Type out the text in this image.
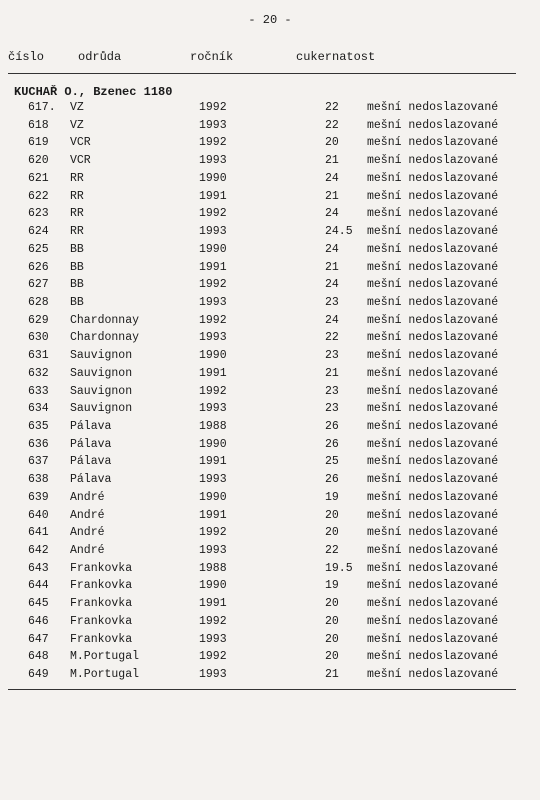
- 20 -
číslo	odrůda	ročník	cukernatost
KUCHAŘ O., Bzenec 1180
617. VZ	1992	22 mešní nedoslazované
618 VZ	1993	22 mešní nedoslazované
619 VCR	1992	20 mešní nedoslazované
620 VCR	1993	21 mešní nedoslazované
621 RR	1990	24 mešní nedoslazované
622 RR	1991	21 mešní nedoslazované
623 RR	1992	24 mešní nedoslazované
624 RR	1993	24.5 mešní nedoslazované
625 BB	1990	24 mešní nedoslazované
626 BB	1991	21 mešní nedoslazované
627 BB	1992	24 mešní nedoslazované
628 BB	1993	23 mešní nedoslazované
629 Chardonnay	1992	24 mešní nedoslazované
630 Chardonnay	1993	22 mešní nedoslazované
631 Sauvignon	1990	23 mešní nedoslazované
632 Sauvignon	1991	21 mešní nedoslazované
633 Sauvignon	1992	23 mešní nedoslazované
634 Sauvignon	1993	23 mešní nedoslazované
635 Pálava	1988	26 mešní nedoslazované
636 Pálava	1990	26 mešní nedoslazované
637 Pálava	1991	25 mešní nedoslazované
638 Pálava	1993	26 mešní nedoslazované
639 André	1990	19 mešní nedoslazované
640 André	1991	20 mešní nedoslazované
641 André	1992	20 mešní nedoslazované
642 André	1993	22 mešní nedoslazované
643 Frankovka	1988	19.5 mešní nedoslazované
644 Frankovka	1990	19 mešní nedoslazované
645 Frankovka	1991	20 mešní nedoslazované
646 Frankovka	1992	20 mešní nedoslazované
647 Frankovka	1993	20 mešní nedoslazované
648 M.Portugal	1992	20 mešní nedoslazované
649 M.Portugal	1993	21 mešní nedoslazované
